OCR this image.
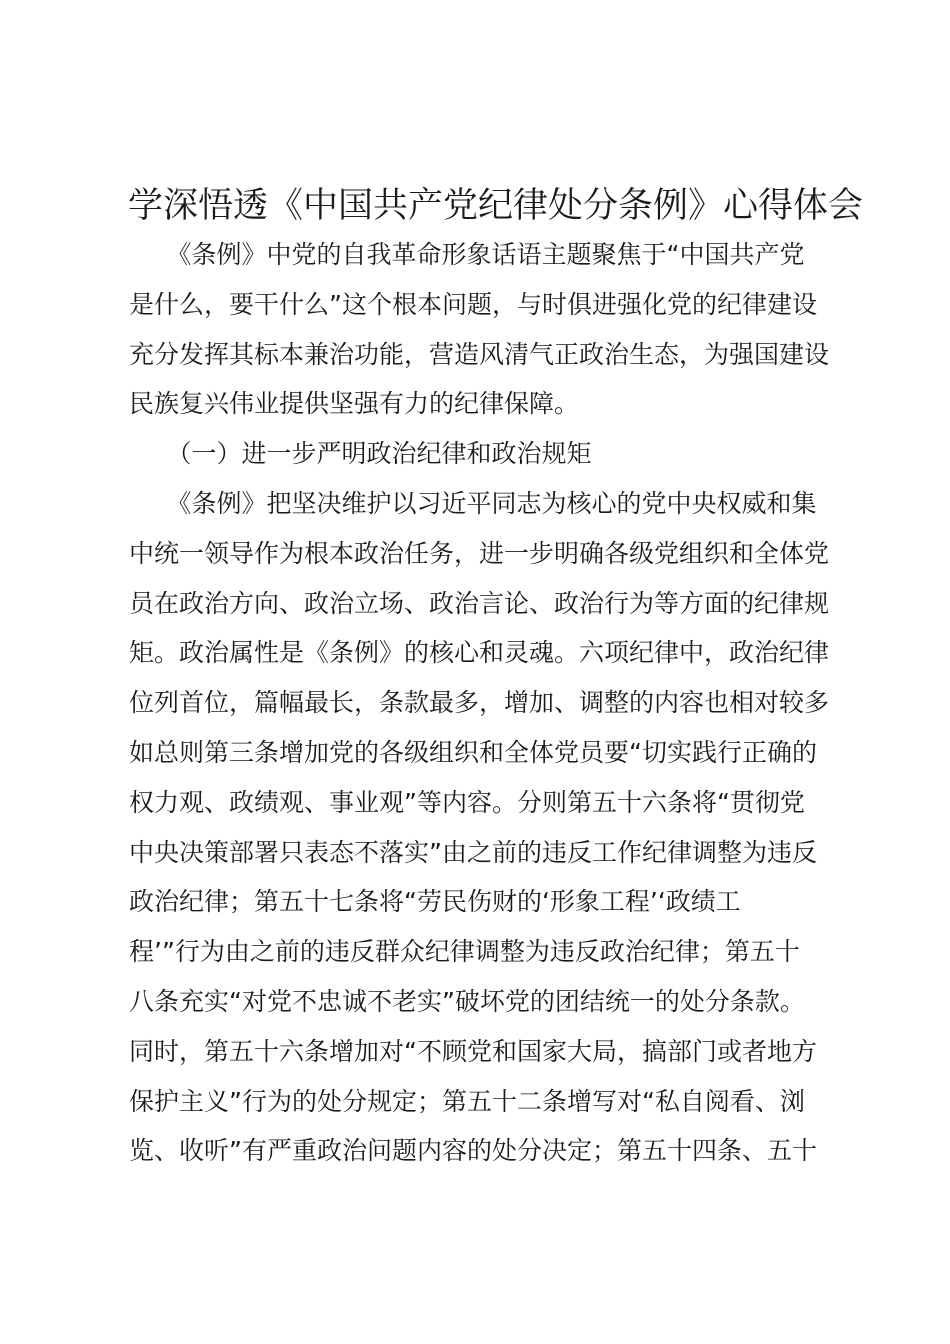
学深悟透《中国共产党纪律处分条例》心得体会
　　《条例》中党的自我革命形象话语主题聚焦于“中国共产党
是什么，要干什么”这个根本问题，与时俱进强化党的纪律建设
充分发挥其标本兼治功能，营造风清气正政治生态，为强国建设
民族复兴伟业提供坚强有力的纪律保障。
　　（一）进一步严明政治纪律和政治规矩
　　《条例》把坚决维护以习近平同志为核心的党中央权威和集
中统一领导作为根本政治任务，进一步明确各级党组织和全体党
员在政治方向、政治立场、政治言论、政治行为等方面的纪律规
矩。政治属性是《条例》的核心和灵魂。六项纪律中，政治纪律
位列首位，篇幅最长，条款最多，增加、调整的内容也相对较多
如总则第三条增加党的各级组织和全体党员要“切实践行正确的
权力观、政绩观、事业观”等内容。分则第五十六条将“贯彻党
中央决策部署只表态不落实”由之前的违反工作纪律调整为违反
政治纪律；第五十七条将“劳民伤财的‘形象工程’‘政绩工
程’”行为由之前的违反群众纪律调整为违反政治纪律；第五十
八条充实“对党不忠诚不老实”破坏党的团结统一的处分条款。
同时，第五十六条增加对“不顾党和国家大局，搞部门或者地方
保护主义”行为的处分规定；第五十二条增写对“私自阅看、浏
览、收听”有严重政治问题内容的处分决定；第五十四条、五十
